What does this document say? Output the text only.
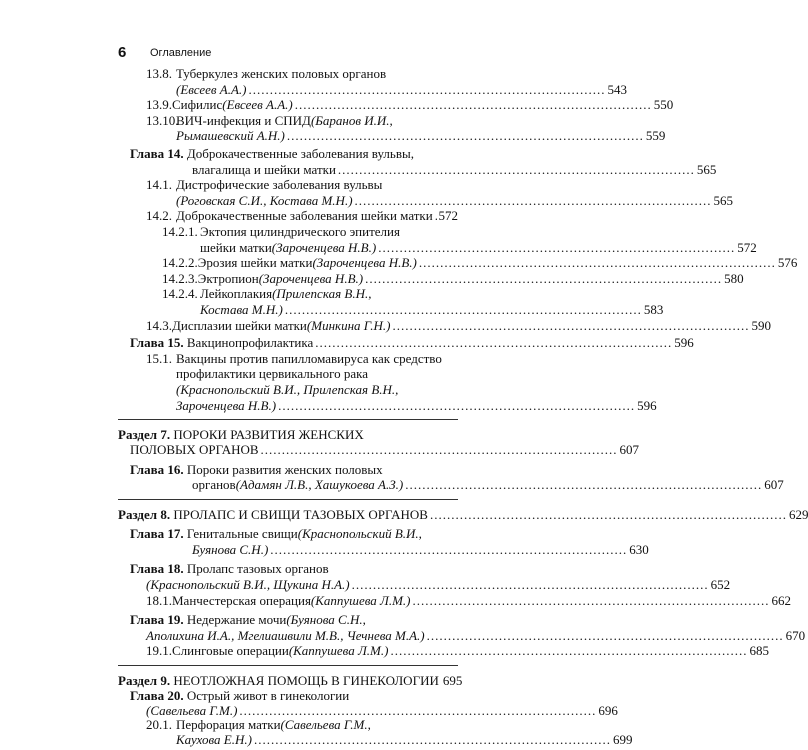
6 Оглавление
13.8. Туберкулез женских половых органов
(Евсеев А.А.) .................................................................................... 543
13.9. Сифилис (Евсеев А.А.) .................................................................................... 550
13.10.
ВИЧ-инфекция и СПИД (Баранов И.И.,
Рымашевский А.Н.) .................................................................................... 559
Глава 14.
Доброкачественные заболевания вульвы,
влагалища и шейки матки .................................................................................... 565
14.1. Дистрофические заболевания вульвы
(Роговская С.И., Костава М.Н.) .................................................................................... 565
14.2. Доброкачественные заболевания шейки матки 572
14.2.1. Эктопия цилиндрического эпителия
шейки матки (Зароченцева Н.В.) .................................................................................... 572
14.2.2. Эрозия шейки матки (Зароченцева Н.В.) .................................................................................... 576
14.2.3. Эктропион (Зароченцева Н.В.) .................................................................................... 580
14.2.4. Лейкоплакия (Прилепская В.Н.,
Костава М.Н.) .................................................................................... 583
14.3. Дисплазии шейки матки (Минкина Г.Н.) .................................................................................... 590
Глава 15.
Вакцинопрофилактика .................................................................................... 596
15.1. Вакцины против папилломавируса как средство
профилактики цервикального рака
(Краснопольский В.И., Прилепская В.Н.,
Зароченцева Н.В.) .................................................................................... 596
Раздел 7.
ПОРОКИ РАЗВИТИЯ ЖЕНСКИХ
ПОЛОВЫХ ОРГАНОВ .................................................................................... 607
Глава 16.
Пороки развития женских половых
органов (Адамян Л.В., Хашукоева А.З.) .................................................................................... 607
Раздел 8.
ПРОЛАПС И СВИЩИ ТАЗОВЫХ ОРГАНОВ .................................................................................... 629
Глава 17.
Генитальные свищи (Краснопольский В.И.,
Буянова С.Н.) .................................................................................... 630
Глава 18.
Пролапс тазовых органов
(Краснопольский В.И., Щукина Н.А.) .................................................................................... 652
18.1. Манчестерская операция (Каппушева Л.М.) .................................................................................... 662
Глава 19.
Недержание мочи (Буянова С.Н.,
Аполихина И.А., Мгелиашвили М.В., Чечнева М.А.) .................................................................................... 670
19.1. Слинговые операции (Каппушева Л.М.) .................................................................................... 685
Раздел 9.
НЕОТЛОЖНАЯ ПОМОЩЬ В ГИНЕКОЛОГИИ 695
Глава 20.
Острый живот в гинекологии
(Савельева Г.М.) .................................................................................... 696
20.1. Перфорация матки (Савельева Г.М.,
Каухова Е.Н.) .................................................................................... 699
